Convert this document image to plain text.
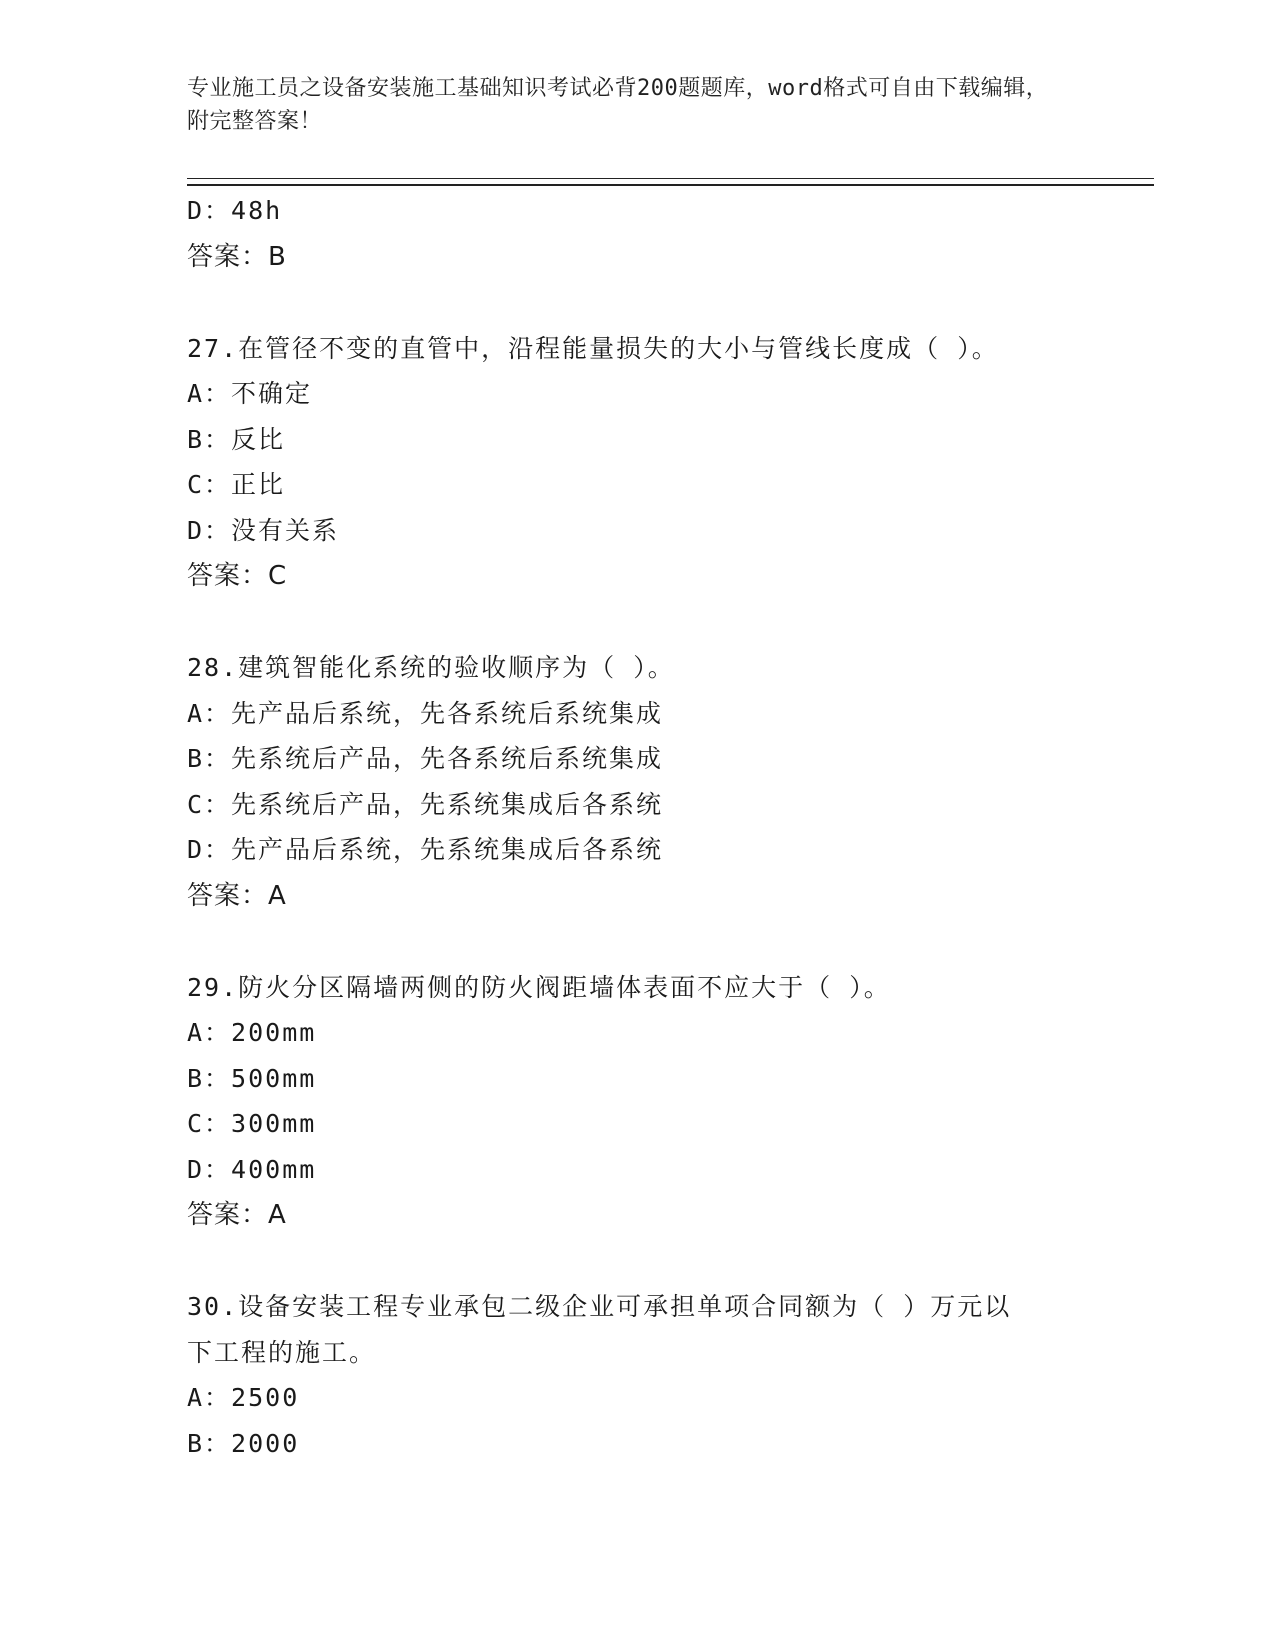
专业施工员之设备安装施工基础知识考试必背200题题库，word格式可自由下载编辑，附完整答案！
D：48h
答案：B
27.在管径不变的直管中，沿程能量损失的大小与管线长度成（ ）。
A：不确定
B：反比
C：正比
D：没有关系
答案：C
28.建筑智能化系统的验收顺序为（ ）。
A：先产品后系统，先各系统后系统集成
B：先系统后产品，先各系统后系统集成
C：先系统后产品，先系统集成后各系统
D：先产品后系统，先系统集成后各系统
答案：A
29.防火分区隔墙两侧的防火阀距墙体表面不应大于（ ）。
A：200mm
B：500mm
C：300mm
D：400mm
答案：A
30.设备安装工程专业承包二级企业可承担单项合同额为（ ）万元以
下工程的施工。
A：2500
B：2000
